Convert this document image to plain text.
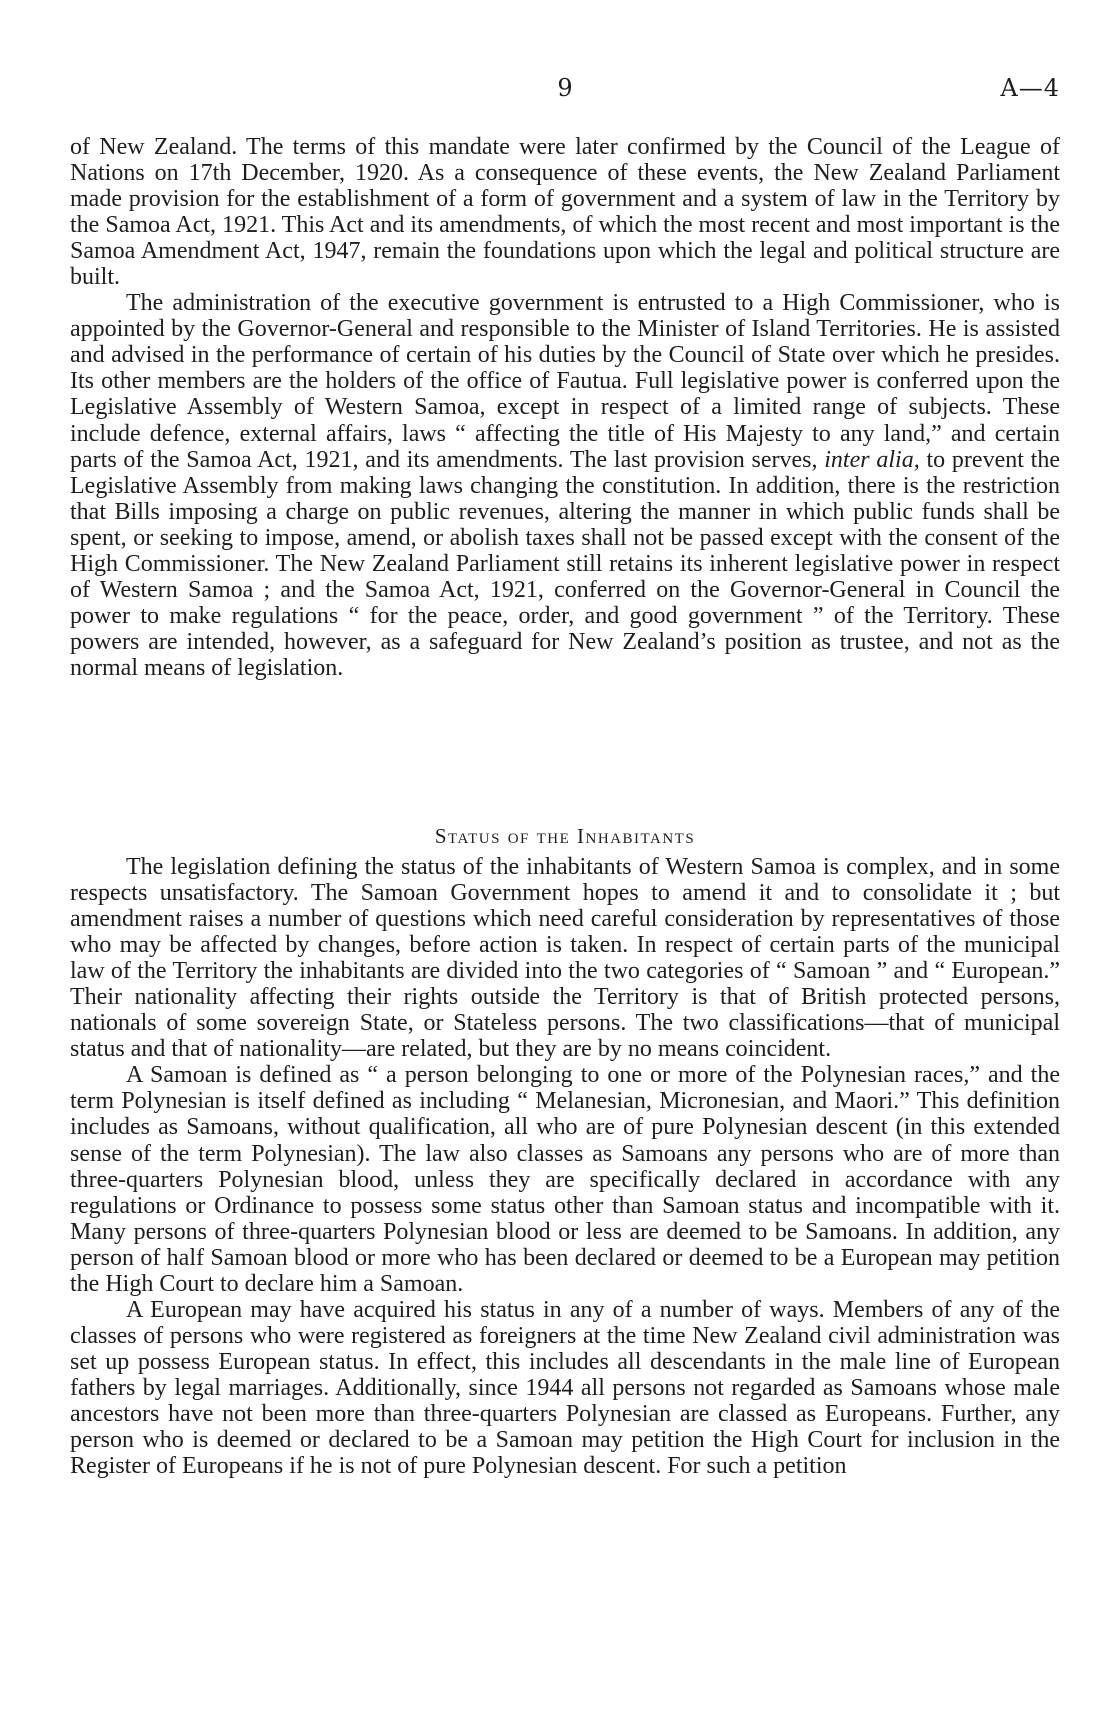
9	A—4

of New Zealand. The terms of this mandate were later confirmed by the Council of the League of Nations on 17th December, 1920. As a consequence of these events, the New Zealand Parliament made provision for the establishment of a form of government and a system of law in the Territory by the Samoa Act, 1921. This Act and its amendments, of which the most recent and most important is the Samoa Amendment Act, 1947, remain the foundations upon which the legal and political structure are built.

The administration of the executive government is entrusted to a High Commissioner, who is appointed by the Governor-General and responsible to the Minister of Island Territories. He is assisted and advised in the performance of certain of his duties by the Council of State over which he presides. Its other members are the holders of the office of Fautua. Full legislative power is conferred upon the Legislative Assembly of Western Samoa, except in respect of a limited range of subjects. These include defence, external affairs, laws “ affecting the title of His Majesty to any land,” and certain parts of the Samoa Act, 1921, and its amendments. The last provision serves, inter alia, to prevent the Legislative Assembly from making laws changing the constitution. In addition, there is the restriction that Bills imposing a charge on public revenues, altering the manner in which public funds shall be spent, or seeking to impose, amend, or abolish taxes shall not be passed except with the consent of the High Commissioner. The New Zealand Parliament still retains its inherent legislative power in respect of Western Samoa ; and the Samoa Act, 1921, conferred on the Governor-General in Council the power to make regulations “ for the peace, order, and good government ” of the Territory. These powers are intended, however, as a safeguard for New Zealand’s position as trustee, and not as the normal means of legislation.

Status of the Inhabitants

The legislation defining the status of the inhabitants of Western Samoa is complex, and in some respects unsatisfactory. The Samoan Government hopes to amend it and to consolidate it ; but amendment raises a number of questions which need careful consideration by representatives of those who may be affected by changes, before action is taken. In respect of certain parts of the municipal law of the Territory the inhabitants are divided into the two categories of “ Samoan ” and “ European.” Their nationality affecting their rights outside the Territory is that of British protected persons, nationals of some sovereign State, or Stateless persons. The two classifications—that of municipal status and that of nationality—are related, but they are by no means coincident.

A Samoan is defined as “ a person belonging to one or more of the Polynesian races,” and the term Polynesian is itself defined as including “ Melanesian, Micronesian, and Maori.” This definition includes as Samoans, without qualification, all who are of pure Polynesian descent (in this extended sense of the term Polynesian). The law also classes as Samoans any persons who are of more than three-quarters Polynesian blood, unless they are specifically declared in accordance with any regulations or Ordinance to possess some status other than Samoan status and incompatible with it. Many persons of three-quarters Polynesian blood or less are deemed to be Samoans. In addition, any person of half Samoan blood or more who has been declared or deemed to be a European may petition the High Court to declare him a Samoan.

A European may have acquired his status in any of a number of ways. Members of any of the classes of persons who were registered as foreigners at the time New Zealand civil administration was set up possess European status. In effect, this includes all descendants in the male line of European fathers by legal marriages. Additionally, since 1944 all persons not regarded as Samoans whose male ancestors have not been more than three-quarters Polynesian are classed as Europeans. Further, any person who is deemed or declared to be a Samoan may petition the High Court for inclusion in the Register of Europeans if he is not of pure Polynesian descent. For such a petition
